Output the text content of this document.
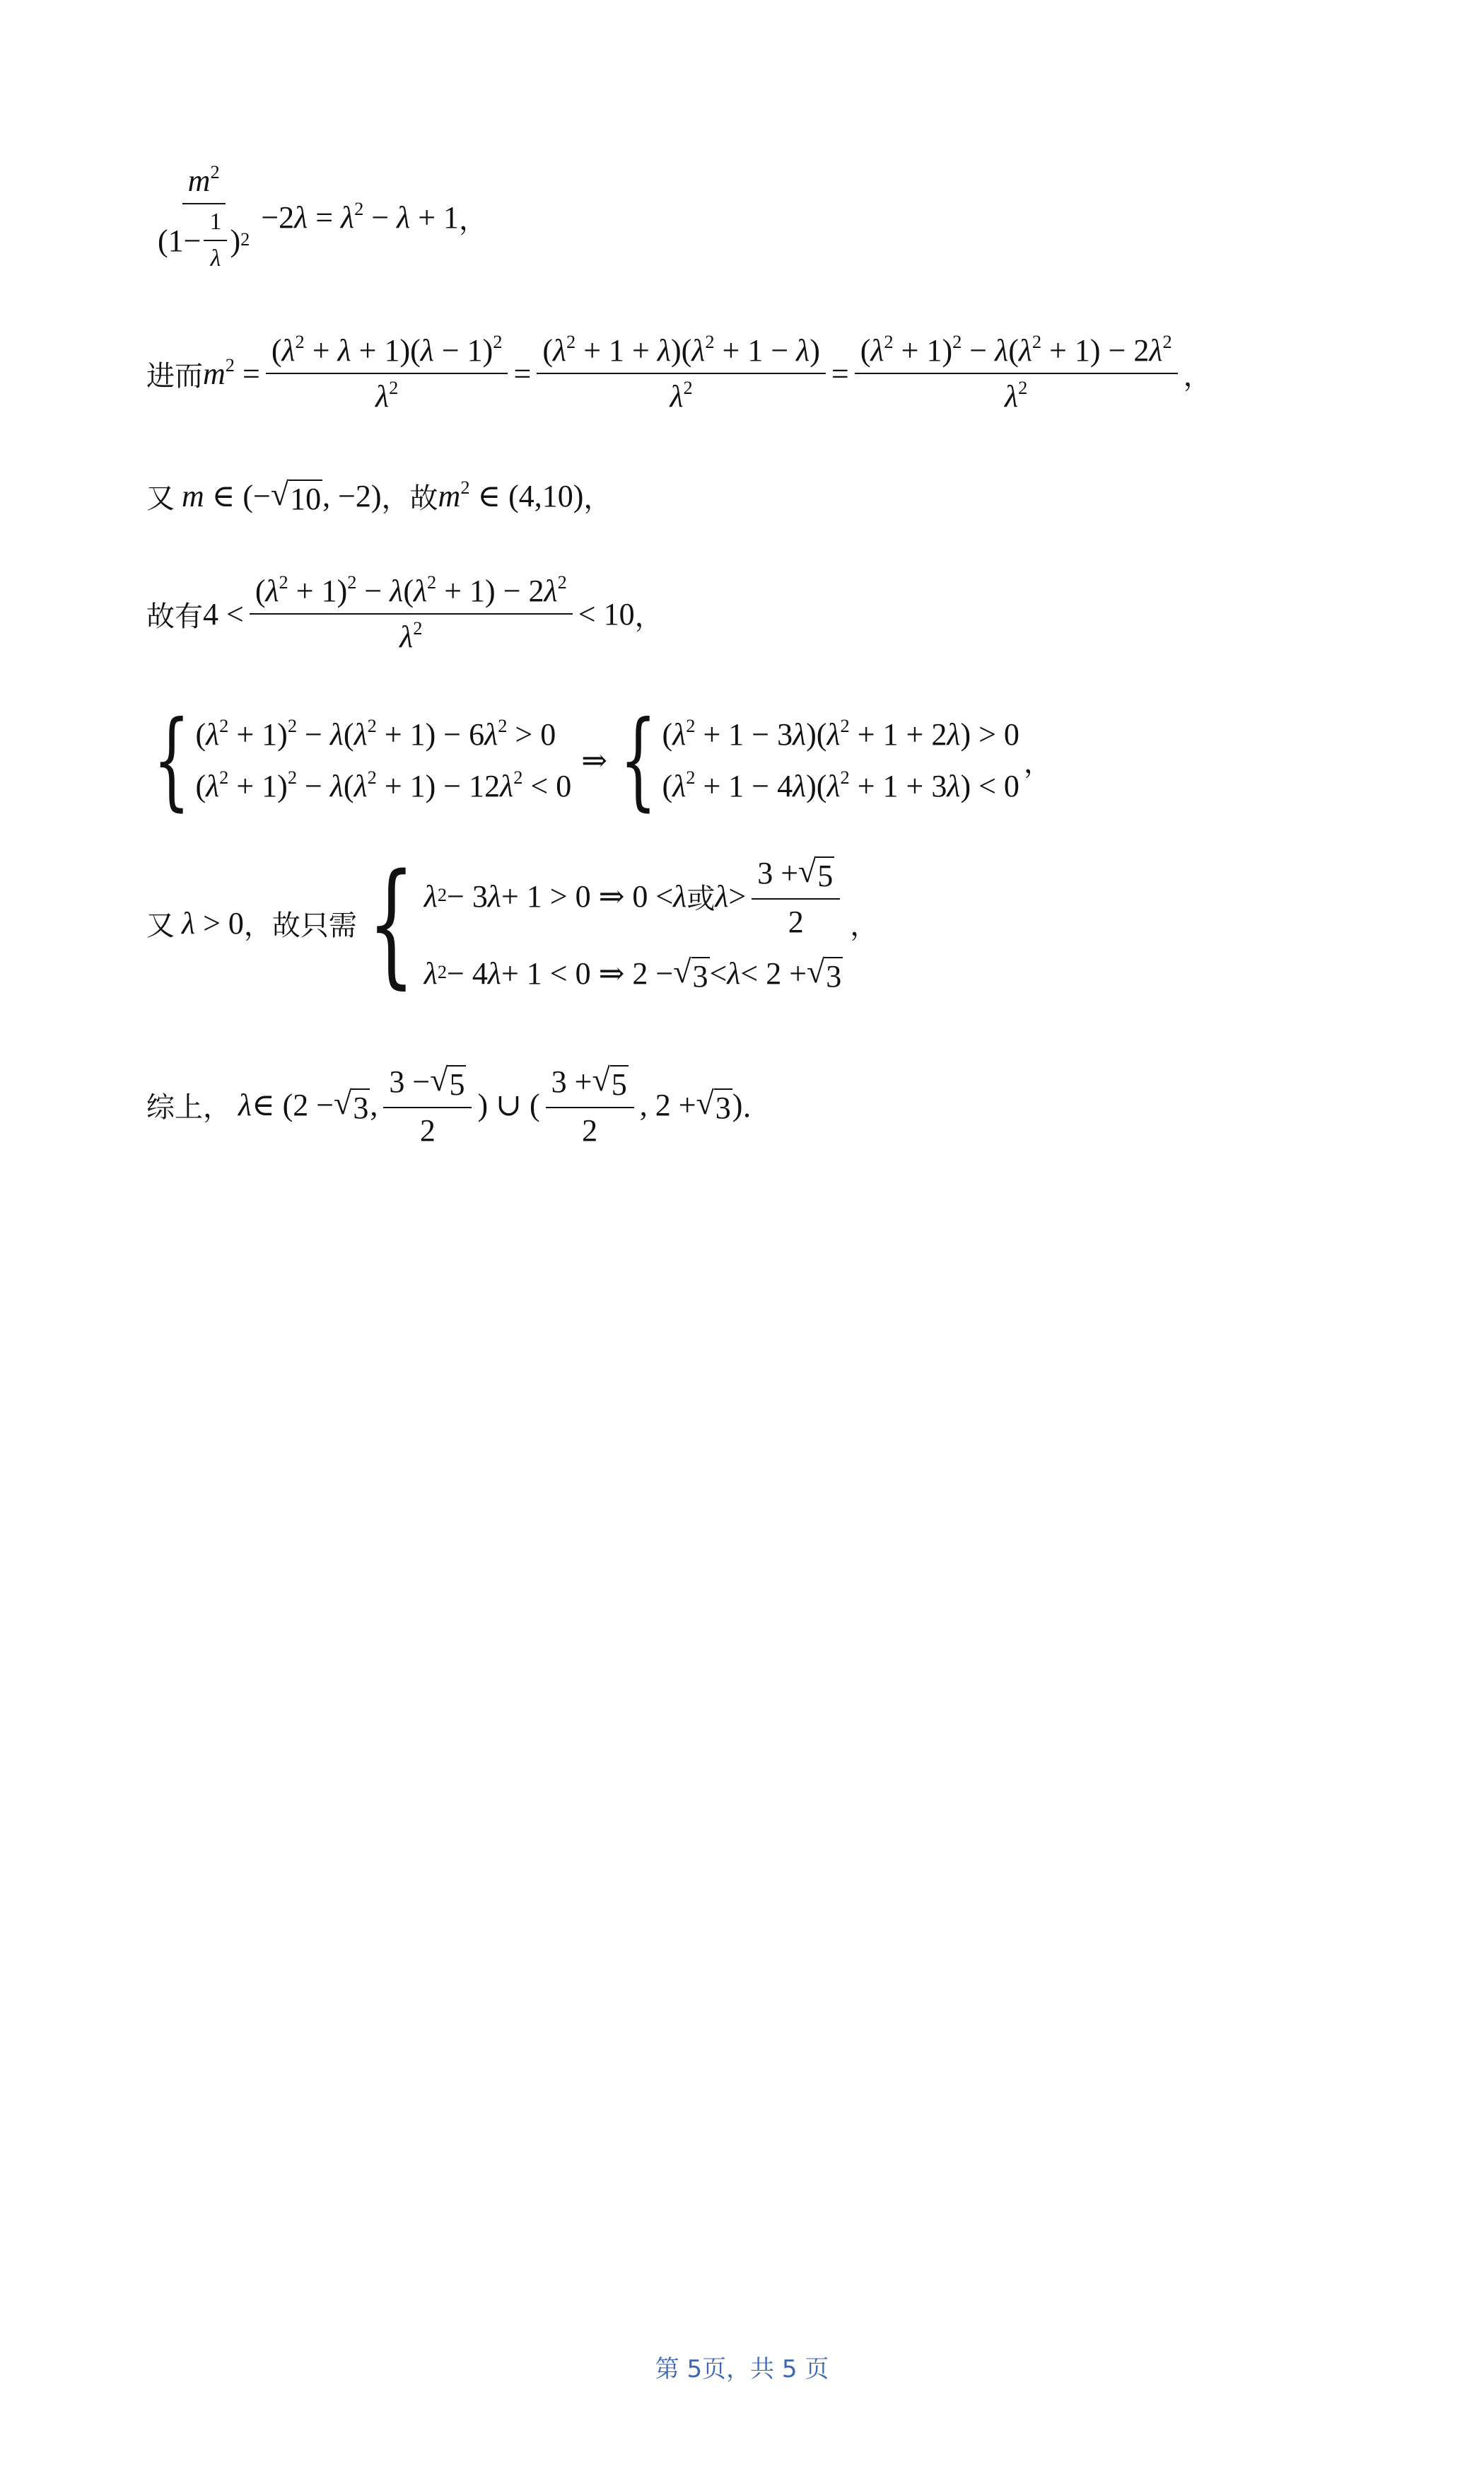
$\frac{m^2}{(1- \frac{1}{\lambda} )^2} -2\lambda = \lambda^2 - \lambda + 1$ ，
进而 $m^2 = \frac{(\lambda^2 + \lambda + 1)(\lambda - 1)^2}{\lambda^2} = \frac{(\lambda^2 + 1 + \lambda)(\lambda^2 + 1 - \lambda)}{\lambda^2} = \frac{(\lambda^2 + 1)^2 - \lambda(\lambda^2 + 1) - 2\lambda^2}{\lambda^2}$ ，
又 m ∈ (− √ 10 , −2) ，故 $m^2$ ∈ (4,10) ，
故有 $4 < \frac{(\lambda^2 + 1)^2 - \lambda(\lambda^2 + 1) - 2\lambda^2}{\lambda^2} < 10$ ，
{ $(\lambda^2 + 1)^2 - \lambda(\lambda^2 + 1) - 6\lambda^2 > 0$
$(\lambda^2 + 1)^2 - \lambda(\lambda^2 + 1) - 12\lambda^2 < 0$
⇒ { $(\lambda^2 + 1 - 3\lambda)(\lambda^2 + 1 + 2\lambda) > 0$
$(\lambda^2 + 1 - 4\lambda)(\lambda^2 + 1 + 3\lambda) < 0$
，
又 λ > 0 ，故只需 { $\lambda^2 - 3$ λ + 1 > 0 ⇒ 0 < λ 或 $\lambda > \frac{3 + √ 5}{2}$
$\lambda^2 - 4$ λ + 1 < 0 ⇒ 2 − √ 3 < λ < 2 + √ 3
，
综上， λ ∈ (2 − √ 3 , $\frac{3 - √ 5}{2}$ ) ∪ ( $\frac{3 + √ 5}{2}$ , 2 + √ 3 ) ．
第 5页，共 5 页
